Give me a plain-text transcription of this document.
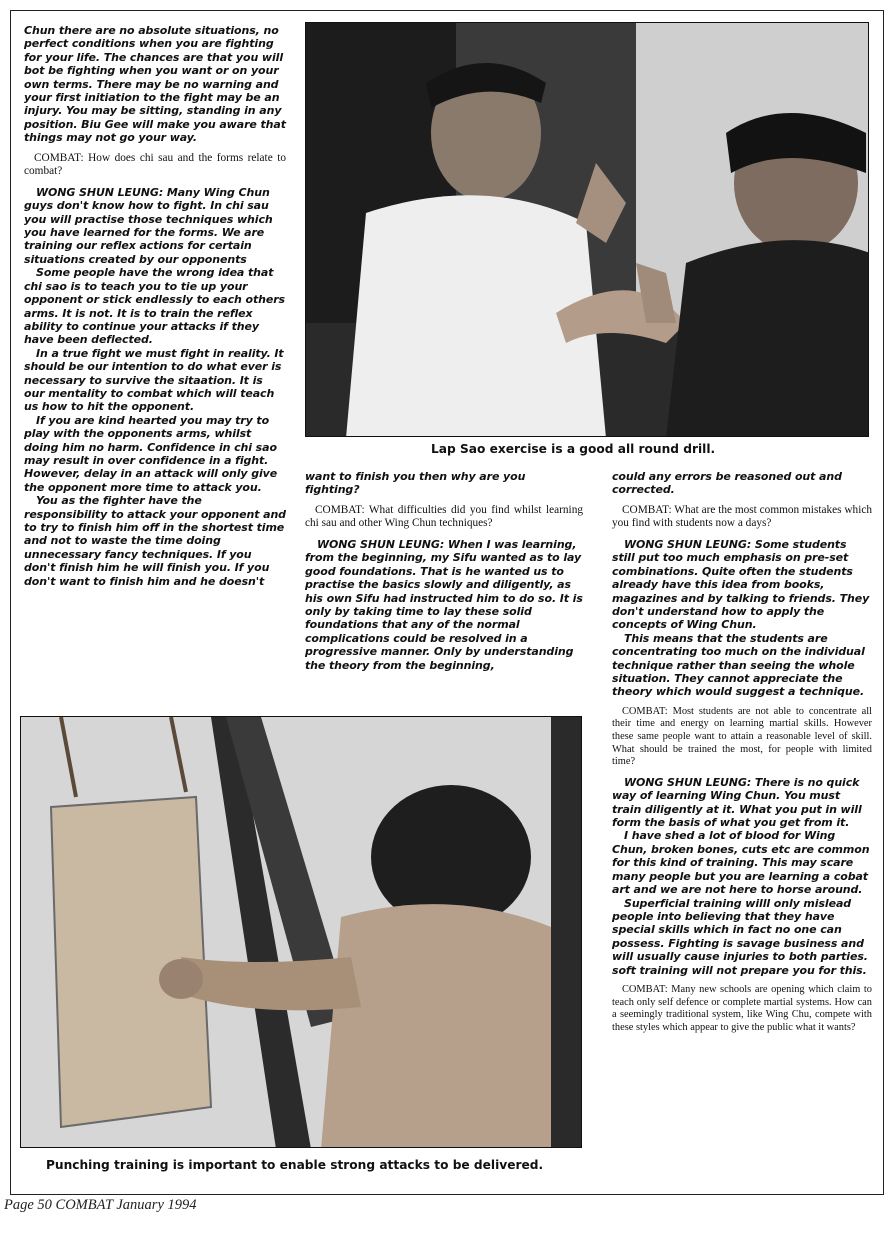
Chun there are no absolute situations, no perfect conditions when you are fighting for your life. The chances are that you will bot be fighting when you want or on your own terms. There may be no warning and your first initiation to the fight may be an injury. You may be sitting, standing in any position. Biu Gee will make you aware that things may not go your way.

COMBAT: How does chi sau and the forms relate to combat?

WONG SHUN LEUNG: Many Wing Chun guys don't know how to fight. In chi sau you will practise those techniques which you have learned for the forms. We are training our reflex actions for certain situations created by our opponents

Some people have the wrong idea that chi sao is to teach you to tie up your opponent or stick endlessly to each others arms. It is not. It is to train the reflex ability to continue your attacks if they have been deflected.

In a true fight we must fight in reality. It should be our intention to do what ever is necessary to survive the sitaation. It is our mentality to combat which will teach us how to hit the opponent.

If you are kind hearted you may try to play with the opponents arms, whilst doing him no harm. Confidence in chi sao may result in over confidence in a fight. However, delay in an attack will only give the opponent more time to attack you.

You as the fighter have the responsibility to attack your opponent and to try to finish him off in the shortest time and not to waste the time doing unnecessary fancy techniques. If you don't finish him he will finish you. If you don't want to finish him and he doesn't

Lap Sao exercise is a good all round drill.

want to finish you then why are you fighting?

COMBAT: What difficulties did you find whilst learning chi sau and other Wing Chun techniques?

WONG SHUN LEUNG: When I was learning, from the beginning, my Sifu wanted as to lay good foundations. That is he wanted us to practise the basics slowly and diligently, as his own Sifu had instructed him to do so. It is only by taking time to lay these solid foundations that any of the normal complications could be resolved in a progressive manner. Only by understanding the theory from the beginning,

could any errors be reasoned out and corrected.

COMBAT: What are the most common mistakes which you find with students now a days?

WONG SHUN LEUNG: Some students still put too much emphasis on pre-set combinations. Quite often the students already have this idea from books, magazines and by talking to friends. They don't understand how to apply the concepts of Wing Chun.

This means that the students are concentrating too much on the individual technique rather than seeing the whole situation. They cannot appreciate the theory which would suggest a technique.

COMBAT: Most students are not able to concentrate all their time and energy on learning martial skills. However these same people want to attain a reasonable level of skill. What should be trained the most, for people with limited time?

WONG SHUN LEUNG: There is no quick way of learning Wing Chun. You must train diligently at it. What you put in will form the basis of what you get from it.

I have shed a lot of blood for Wing Chun, broken bones, cuts etc are common for this kind of training. This may scare many people but you are learning a cobat art and we are not here to horse around.

Superficial training willl only mislead people into believing that they have special skills which in fact no one can possess. Fighting is savage business and will usually cause injuries to both parties. soft training will not prepare you for this.

COMBAT: Many new schools are opening which claim to teach only self defence or complete martial systems. How can a seemingly traditional system, like Wing Chu, compete with these styles which appear to give the public what it wants?

Punching training is important to enable strong attacks to be delivered.
Page 50 COMBAT January 1994
